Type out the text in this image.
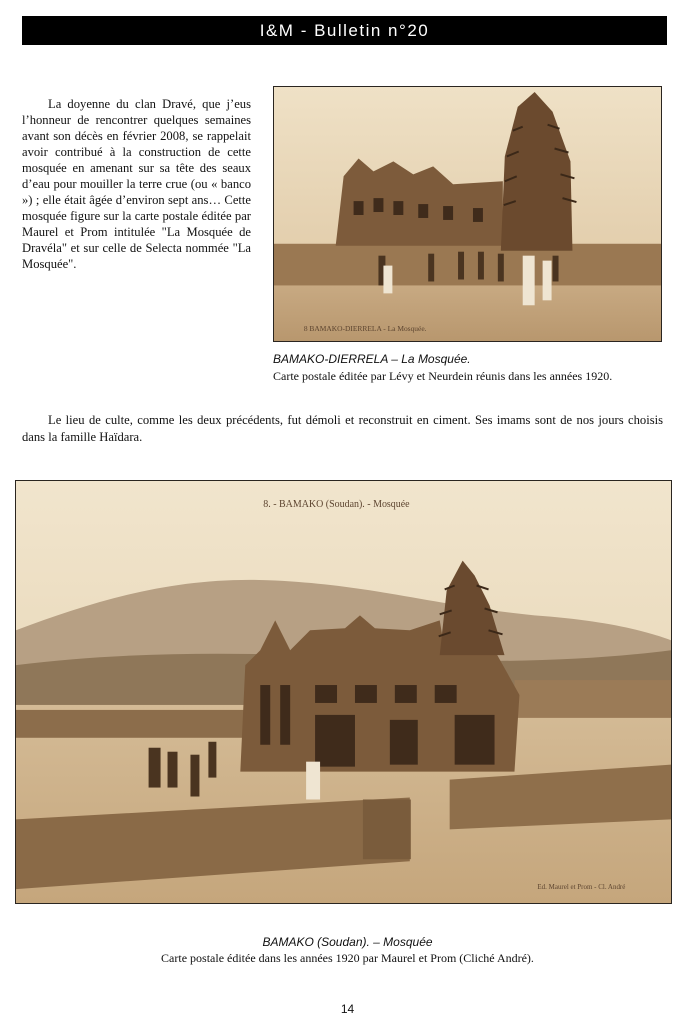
I&M - Bulletin n°20

La doyenne du clan Dravé, que j’eus l’honneur de rencontrer quelques semaines avant son décès en février 2008, se rappelait avoir contribué à la construction de cette mosquée en amenant sur sa tête des seaux d’eau pour mouiller la terre crue (ou « banco ») ; elle était âgée d’environ sept ans… Cette mosquée figure sur la carte postale éditée par Maurel et Prom intitulée "La Mosquée de Dravéla" et sur celle de Selecta nommée "La Mosquée".

8 BAMAKO-DIERRELA - La Mosquée.

BAMAKO-DIERRELA – La Mosquée.

Carte postale éditée par Lévy et Neurdein réunis dans les années 1920.

Le lieu de culte, comme les deux précédents, fut démoli et reconstruit en ciment. Ses imams sont de nos jours choisis dans la famille Haïdara.

8. - BAMAKO (Soudan). - Mosquée
Ed. Maurel et Prom - Cl. André

BAMAKO (Soudan). – Mosquée

Carte postale éditée dans les années 1920 par Maurel et Prom (Cliché André).

14
